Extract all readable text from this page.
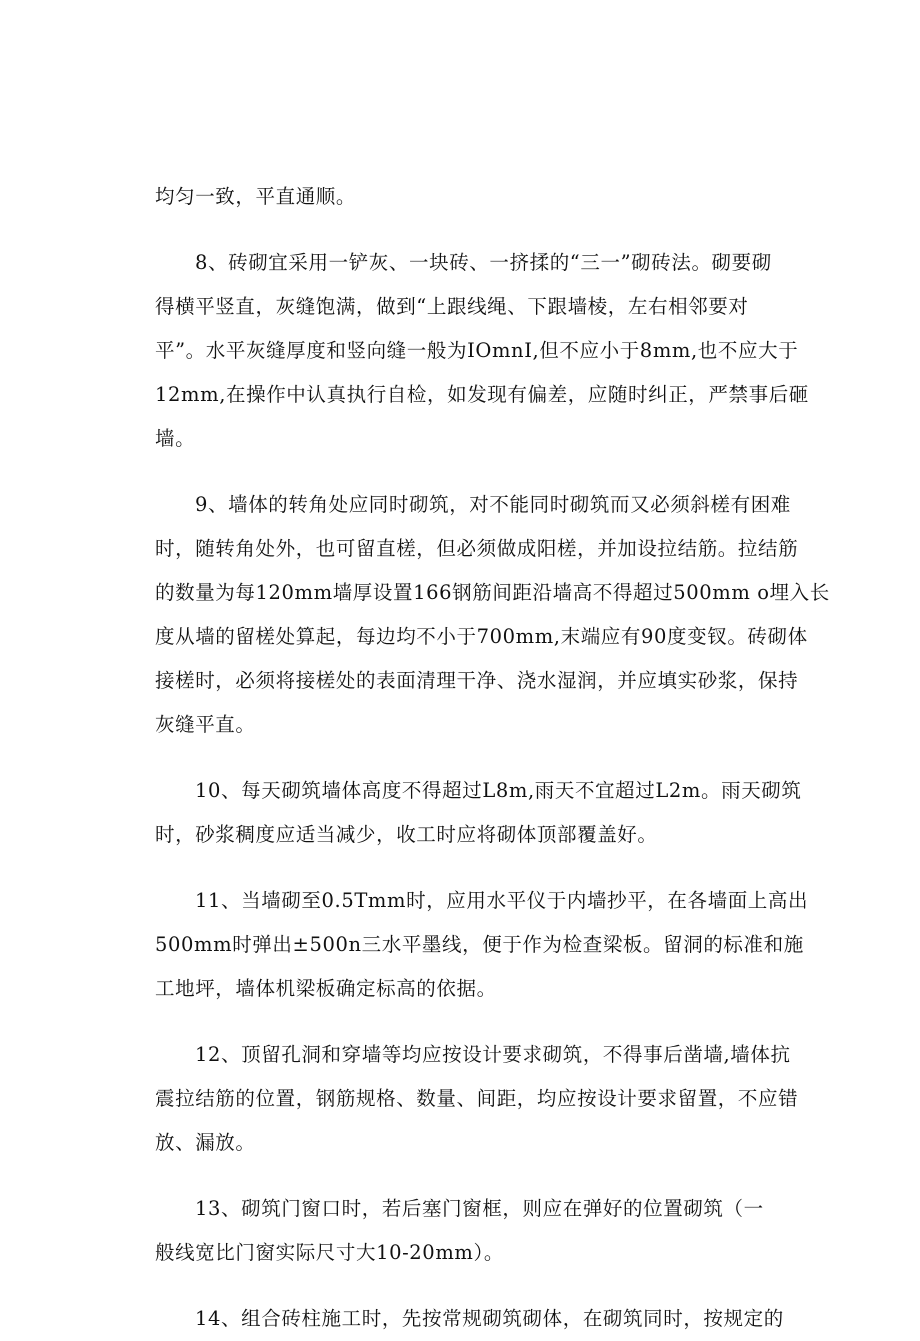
均匀一致，平直通顺。
8、砖砌宜采用一铲灰、一块砖、一挤揉的“三一”砌砖法。砌要砌
得横平竖直，灰缝饱满，做到“上跟线绳、下跟墙棱，左右相邻要对
平”。水平灰缝厚度和竖向缝一般为IOmnI,但不应小于8mm,也不应大于
12mm,在操作中认真执行自检，如发现有偏差，应随时纠正，严禁事后砸
墙。
9、墙体的转角处应同时砌筑，对不能同时砌筑而又必须斜槎有困难
时，随转角处外，也可留直槎，但必须做成阳槎，并加设拉结筋。拉结筋
的数量为每120mm墙厚设置166钢筋间距沿墙高不得超过500mm o埋入长
度从墙的留槎处算起，每边均不小于700mm,末端应有90度变钗。砖砌体
接槎时，必须将接槎处的表面清理干净、浇水湿润，并应填实砂浆，保持
灰缝平直。
10、每天砌筑墙体高度不得超过L8m,雨天不宜超过L2m。雨天砌筑
时，砂浆稠度应适当减少，收工时应将砌体顶部覆盖好。
11、当墙砌至0.5Tmm时，应用水平仪于内墙抄平，在各墙面上高出
500mm时弹出±500n三水平墨线，便于作为检查梁板。留洞的标准和施
工地坪，墙体机梁板确定标高的依据。
12、顶留孔洞和穿墙等均应按设计要求砌筑，不得事后凿墙,墙体抗
震拉结筋的位置，钢筋规格、数量、间距，均应按设计要求留置，不应错
放、漏放。
13、砌筑门窗口时，若后塞门窗框，则应在弹好的位置砌筑（一
般线宽比门窗实际尺寸大10-20mm）。
14、组合砖柱施工时，先按常规砌筑砌体，在砌筑同时，按规定的
